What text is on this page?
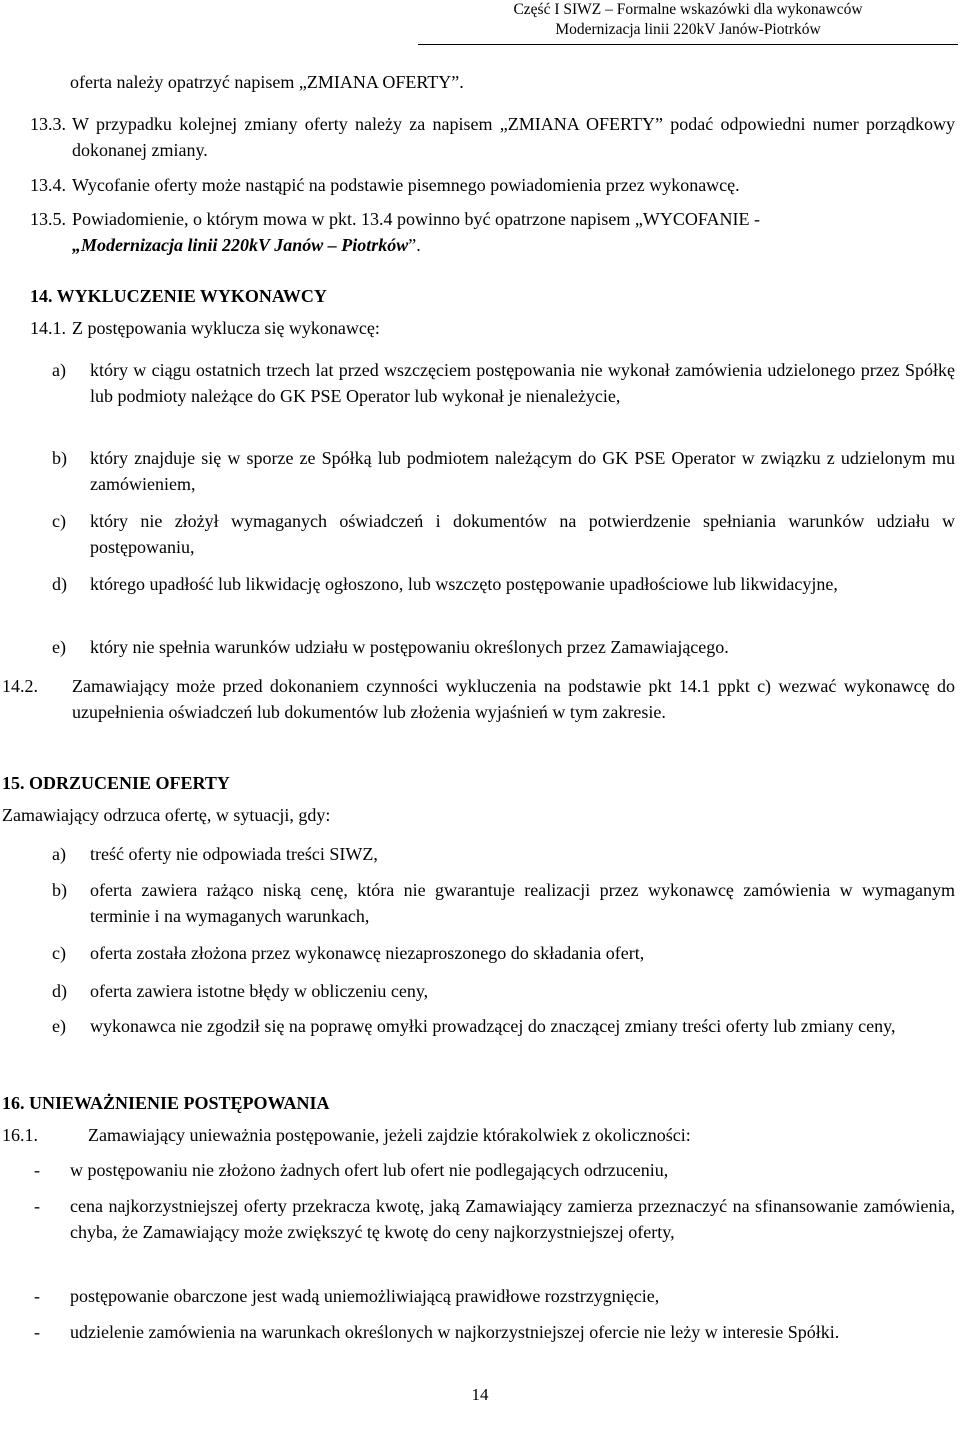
Część I SIWZ – Formalne wskazówki dla wykonawców
Modernizacja linii 220kV Janów-Piotrków
oferta należy opatrzyć napisem „ZMIANA OFERTY”.
13.3. W przypadku kolejnej zmiany oferty należy za napisem „ZMIANA OFERTY” podać odpowiedni numer porządkowy dokonanej zmiany.
13.4. Wycofanie oferty może nastąpić na podstawie pisemnego powiadomienia przez wykonawcę.
13.5. Powiadomienie, o którym mowa w pkt. 13.4 powinno być opatrzone napisem „WYCOFANIE -
„Modernizacja linii 220kV Janów – Piotrków”.
14. WYKLUCZENIE WYKONAWCY
14.1. Z postępowania wyklucza się wykonawcę:
a) który w ciągu ostatnich trzech lat przed wszczęciem postępowania nie wykonał zamówienia udzielonego przez Spółkę lub podmioty należące do GK PSE Operator lub wykonał je nienależycie,
b) który znajduje się w sporze ze Spółką lub podmiotem należącym do GK PSE Operator w związku z udzielonym mu zamówieniem,
c) który nie złożył wymaganych oświadczeń i dokumentów na potwierdzenie spełniania warunków udziału w postępowaniu,
d) którego upadłość lub likwidację ogłoszono, lub wszczęto postępowanie upadłościowe lub likwidacyjne,
e) który nie spełnia warunków udziału w postępowaniu określonych przez Zamawiającego.
14.2. Zamawiający może przed dokonaniem czynności wykluczenia na podstawie pkt 14.1 ppkt c) wezwać wykonawcę do uzupełnienia oświadczeń lub dokumentów lub złożenia wyjaśnień w tym zakresie.
15. ODRZUCENIE OFERTY
Zamawiający odrzuca ofertę, w sytuacji, gdy:
a) treść oferty nie odpowiada treści SIWZ,
b) oferta zawiera rażąco niską cenę, która nie gwarantuje realizacji przez wykonawcę zamówienia w wymaganym terminie i na wymaganych warunkach,
c) oferta została złożona przez wykonawcę niezaproszonego do składania ofert,
d) oferta zawiera istotne błędy w obliczeniu ceny,
e) wykonawca nie zgodził się na poprawę omyłki prowadzącej do znaczącej zmiany treści oferty lub zmiany ceny,
16. UNIEWAŻNIENIE POSTĘPOWANIA
16.1.	Zamawiający unieważnia postępowanie, jeżeli zajdzie którakolwiek z okoliczności:
- w postępowaniu nie złożono żadnych ofert lub ofert nie podlegających odrzuceniu,
- cena najkorzystniejszej oferty przekracza kwotę, jaką Zamawiający zamierza przeznaczyć na sfinansowanie zamówienia, chyba, że Zamawiający może zwiększyć tę kwotę do ceny najkorzystniejszej oferty,
- postępowanie obarczone jest wadą uniemożliwiającą prawidłowe rozstrzygnięcie,
- udzielenie zamówienia na warunkach określonych w najkorzystniejszej ofercie nie leży w interesie Spółki.
14
